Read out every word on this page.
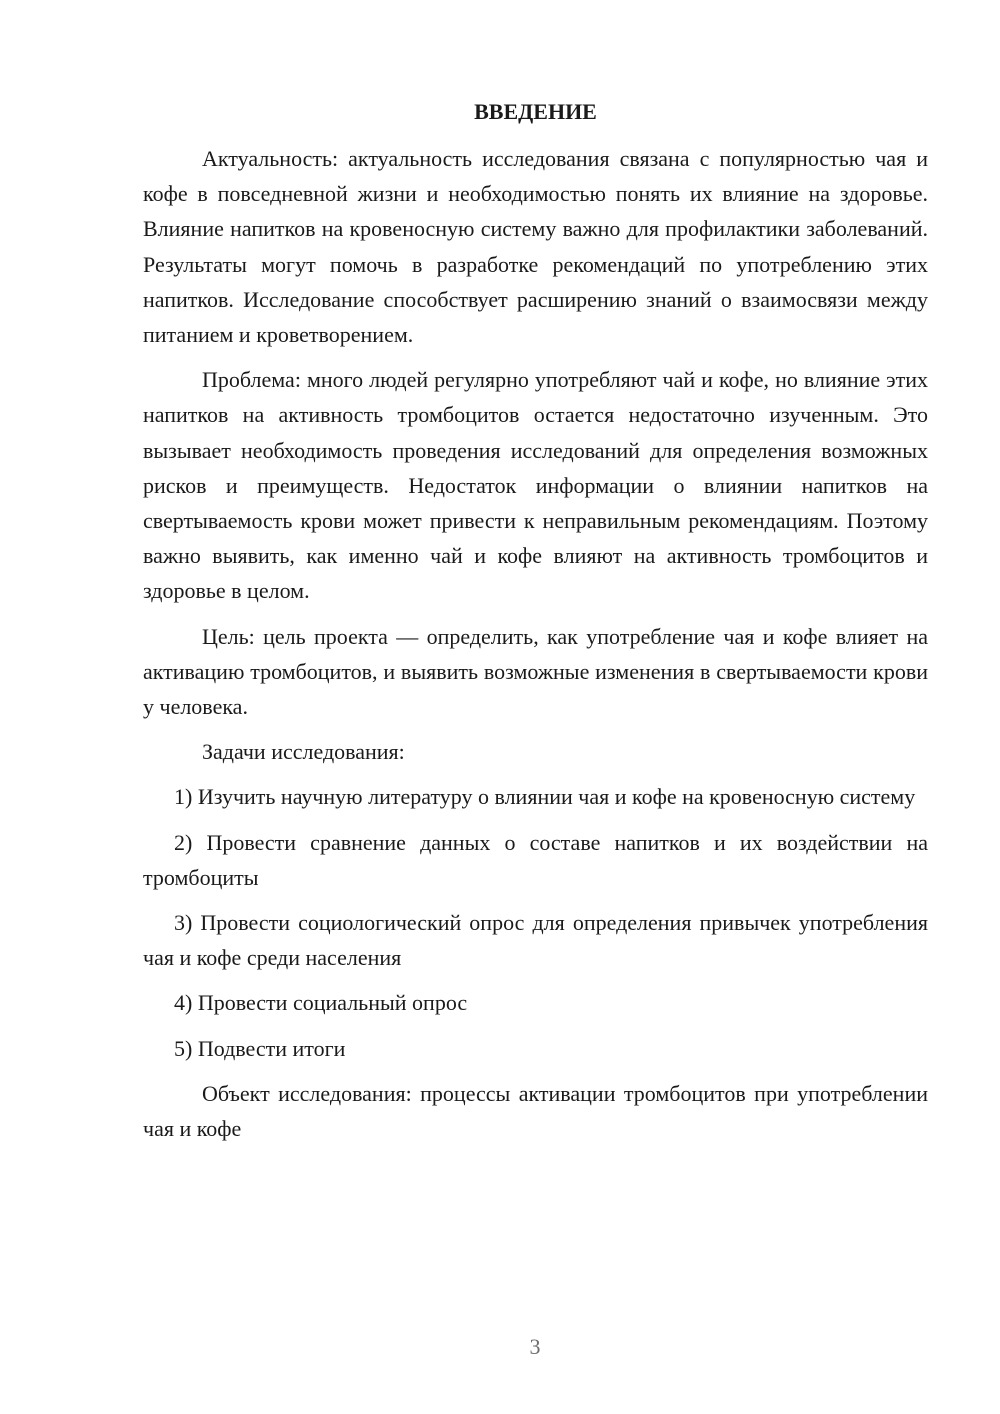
ВВЕДЕНИЕ

Актуальность: актуальность исследования связана с популярностью чая и кофе в повседневной жизни и необходимостью понять их влияние на здоровье. Влияние напитков на кровеносную систему важно для профилактики заболеваний. Результаты могут помочь в разработке рекомендаций по употреблению этих напитков. Исследование способствует расширению знаний о взаимосвязи между питанием и кроветворением.

Проблема: много людей регулярно употребляют чай и кофе, но влияние этих напитков на активность тромбоцитов остается недостаточно изученным. Это вызывает необходимость проведения исследований для определения возможных рисков и преимуществ. Недостаток информации о влиянии напитков на свертываемость крови может привести к неправильным рекомендациям. Поэтому важно выявить, как именно чай и кофе влияют на активность тромбоцитов и здоровье в целом.

Цель: цель проекта — определить, как употребление чая и кофе влияет на активацию тромбоцитов, и выявить возможные изменения в свертываемости крови у человека.

Задачи исследования:

1) Изучить научную литературу о влиянии чая и кофе на кровеносную систему

2) Провести сравнение данных о составе напитков и их воздействии на тромбоциты

3) Провести социологический опрос для определения привычек употребления чая и кофе среди населения

4) Провести социальный опрос

5) Подвести итоги

Объект исследования: процессы активации тромбоцитов при употреблении чая и кофе

3
